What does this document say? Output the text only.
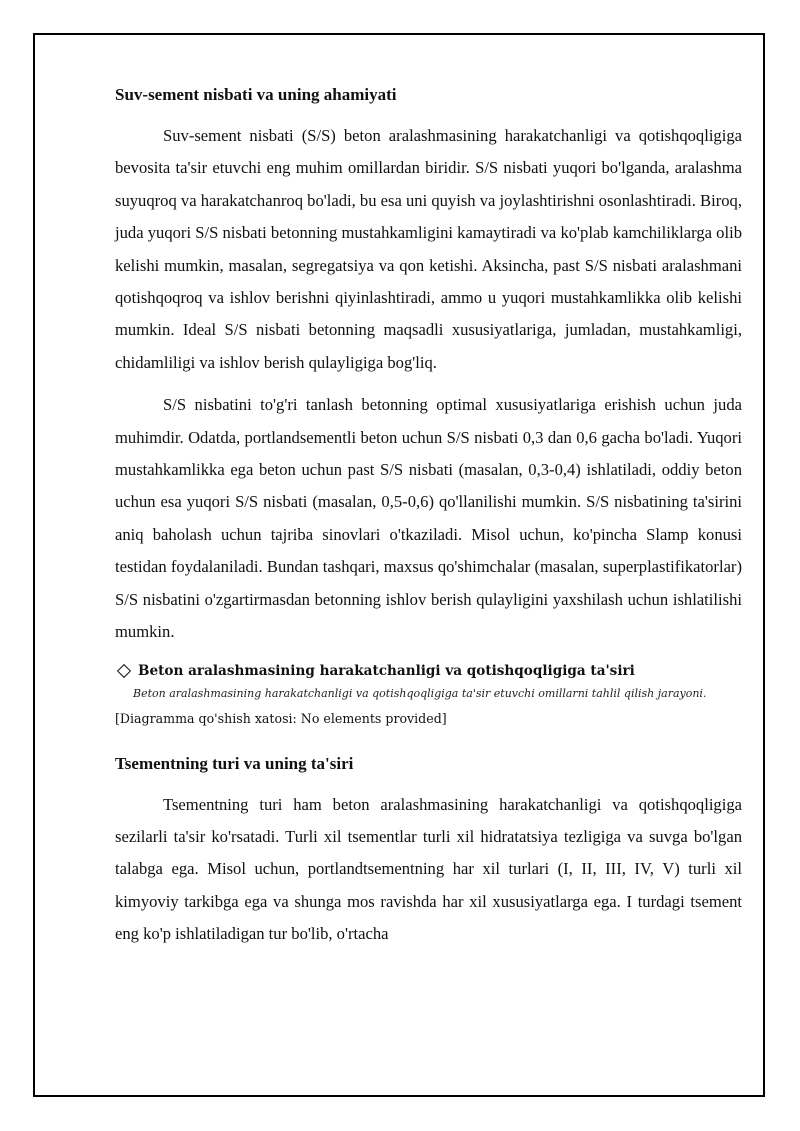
Suv-sement nisbati va uning ahamiyati

Suv-sement nisbati (S/S) beton aralashmasining harakatchanligi va qotishqoqligiga bevosita ta'sir etuvchi eng muhim omillardan biridir. S/S nisbati yuqori bo'lganda, aralashma suyuqroq va harakatchanroq bo'ladi, bu esa uni quyish va joylashtirishni osonlashtiradi. Biroq, juda yuqori S/S nisbati betonning mustahkamligini kamaytiradi va ko'plab kamchiliklarga olib kelishi mumkin, masalan, segregatsiya va qon ketishi. Aksincha, past S/S nisbati aralashmani qotishqoqroq va ishlov berishni qiyinlashtiradi, ammo u yuqori mustahkamlikka olib kelishi mumkin. Ideal S/S nisbati betonning maqsadli xususiyatlariga, jumladan, mustahkamligi, chidamliligi va ishlov berish qulayligiga bog'liq.

S/S nisbatini to'g'ri tanlash betonning optimal xususiyatlariga erishish uchun juda muhimdir. Odatda, portlandsementli beton uchun S/S nisbati 0,3 dan 0,6 gacha bo'ladi. Yuqori mustahkamlikka ega beton uchun past S/S nisbati (masalan, 0,3-0,4) ishlatiladi, oddiy beton uchun esa yuqori S/S nisbati (masalan, 0,5-0,6) qo'llanilishi mumkin. S/S nisbatining ta'sirini aniq baholash uchun tajriba sinovlari o'tkaziladi. Misol uchun, ko'pincha Slamp konusi testidan foydalaniladi. Bundan tashqari, maxsus qo'shimchalar (masalan, superplastifikatorlar) S/S nisbatini o'zgartirmasdan betonning ishlov berish qulayligini yaxshilash uchun ishlatilishi mumkin.

Beton aralashmasining harakatchanligi va qotishqoqligiga ta'siri
Beton aralashmasining harakatchanligi va qotishqoqligiga ta'sir etuvchi omillarni tahlil qilish jarayoni.
[Diagramma qo'shish xatosi: No elements provided]
Tsementning turi va uning ta'siri

Tsementning turi ham beton aralashmasining harakatchanligi va qotishqoqligiga sezilarli ta'sir ko'rsatadi. Turli xil tsementlar turli xil hidratatsiya tezligiga va suvga bo'lgan talabga ega. Misol uchun, portlandtsementning har xil turlari (I, II, III, IV, V) turli xil kimyoviy tarkibga ega va shunga mos ravishda har xil xususiyatlarga ega. I turdagi tsement eng ko'p ishlatiladigan tur bo'lib, o'rtacha
